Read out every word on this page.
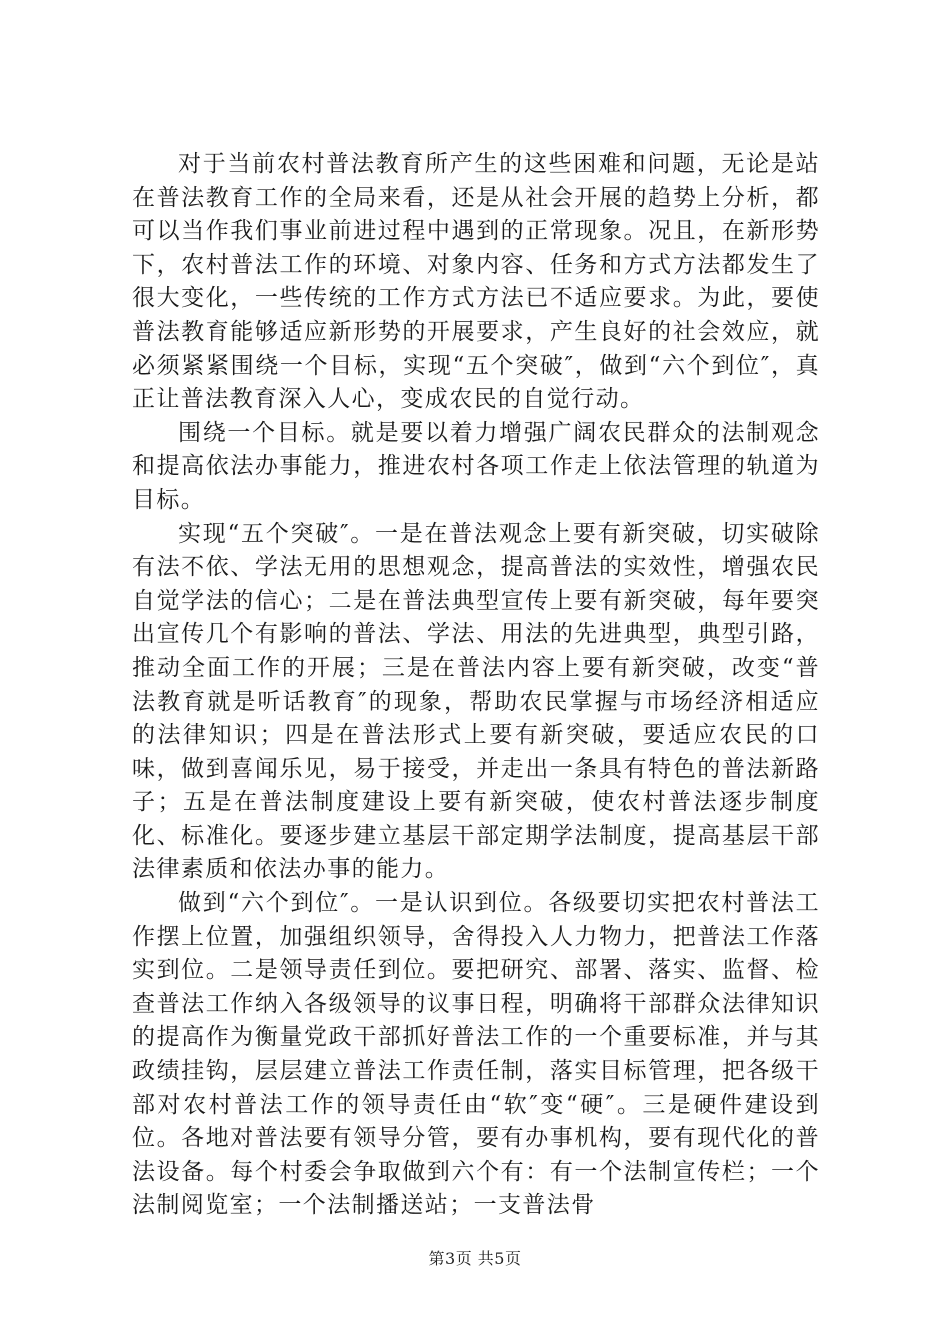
对于当前农村普法教育所产生的这些困难和问题，无论是站在普法教育工作的全局来看，还是从社会开展的趋势上分析，都可以当作我们事业前进过程中遇到的正常现象。况且，在新形势下，农村普法工作的环境、对象内容、任务和方式方法都发生了很大变化，一些传统的工作方式方法已不适应要求。为此，要使普法教育能够适应新形势的开展要求，产生良好的社会效应，就必须紧紧围绕一个目标，实现“五个突破″，做到“六个到位″，真正让普法教育深入人心，变成农民的自觉行动。

围绕一个目标。就是要以着力增强广阔农民群众的法制观念和提高依法办事能力，推进农村各项工作走上依法管理的轨道为目标。

实现“五个突破″。一是在普法观念上要有新突破，切实破除有法不依、学法无用的思想观念，提高普法的实效性，增强农民自觉学法的信心；二是在普法典型宣传上要有新突破，每年要突出宣传几个有影响的普法、学法、用法的先进典型，典型引路，推动全面工作的开展；三是在普法内容上要有新突破，改变“普法教育就是听话教育″的现象，帮助农民掌握与市场经济相适应的法律知识；四是在普法形式上要有新突破，要适应农民的口味，做到喜闻乐见，易于接受，并走出一条具有特色的普法新路子；五是在普法制度建设上要有新突破，使农村普法逐步制度化、标准化。要逐步建立基层干部定期学法制度，提高基层干部法律素质和依法办事的能力。

做到“六个到位″。一是认识到位。各级要切实把农村普法工作摆上位置，加强组织领导，舍得投入人力物力，把普法工作落实到位。二是领导责任到位。要把研究、部署、落实、监督、检查普法工作纳入各级领导的议事日程，明确将干部群众法律知识的提高作为衡量党政干部抓好普法工作的一个重要标准，并与其政绩挂钩，层层建立普法工作责任制，落实目标管理，把各级干部对农村普法工作的领导责任由“软″变“硬″。三是硬件建设到位。各地对普法要有领导分管，要有办事机构，要有现代化的普法设备。每个村委会争取做到六个有：有一个法制宣传栏；一个法制阅览室；一个法制播送站；一支普法骨

第3页 共5页
